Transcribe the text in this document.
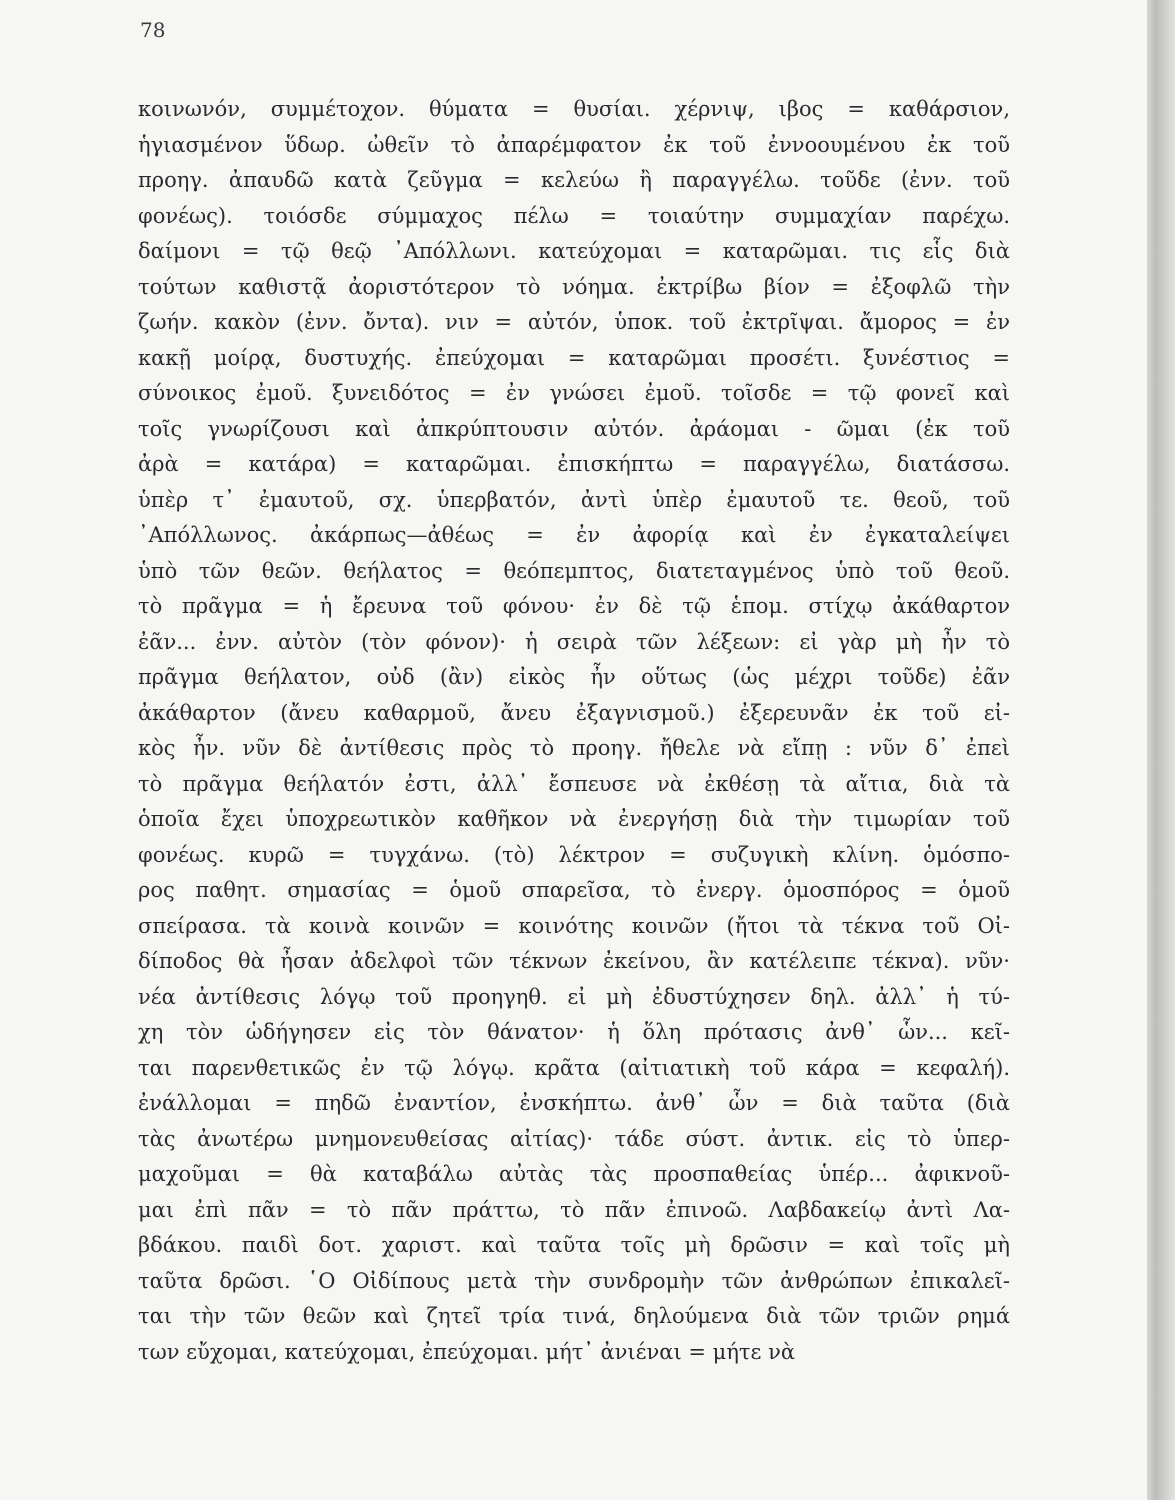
78
κοινωνόν, συμμέτοχον. θύματα = θυσίαι. χέρνιψ, ιβος = καθάρσιον,
ἡγιασμένον ὕδωρ. ὠθεῖν τὸ ἀπαρέμφατον ἐκ τοῦ ἐννοουμένου ἐκ τοῦ
προηγ. ἀπαυδῶ κατὰ ζεῦγμα = κελεύω ἢ παραγγέλω. τοῦδε (ἐνν. τοῦ
φονέως). τοιόσδε σύμμαχος πέλω = τοιαύτην συμμαχίαν παρέχω.
δαίμονι = τῷ θεῷ ᾿Απόλλωνι. κατεύχομαι = καταρῶμαι. τις εἷς διὰ
τούτων καθιστᾷ ἀοριστότερον τὸ νόημα. ἐκτρίβω βίον = ἐξοφλῶ τὴν
ζωήν. κακὸν (ἐνν. ὄντα). νιν = αὐτόν, ὑποκ. τοῦ ἐκτρῖψαι. ἄμορος = ἐν
κακῇ μοίρᾳ, δυστυχής. ἐπεύχομαι = καταρῶμαι προσέτι. ξυνέστιος =
σύνοικος ἐμοῦ. ξυνειδότος = ἐν γνώσει ἐμοῦ. τοῖσδε = τῷ φονεῖ καὶ
τοῖς γνωρίζουσι καὶ ἀπκρύπτουσιν αὐτόν. ἀράομαι - ῶμαι (ἐκ τοῦ
ἀρὰ = κατάρα) = καταρῶμαι. ἐπισκήπτω = παραγγέλω, διατάσσω.
ὑπὲρ τ᾿ ἐμαυτοῦ, σχ. ὑπερβατόν, ἀντὶ ὑπὲρ ἐμαυτοῦ τε. θεοῦ, τοῦ
᾿Απόλλωνος. ἀκάρπως—ἀθέως = ἐν ἀφορίᾳ καὶ ἐν ἐγκαταλείψει
ὑπὸ τῶν θεῶν. θεήλατος = θεόπεμπτος, διατεταγμένος ὑπὸ τοῦ θεοῦ.
τὸ πρᾶγμα = ἡ ἔρευνα τοῦ φόνου· ἐν δὲ τῷ ἑπομ. στίχῳ ἀκάθαρτον
ἐᾶν... ἐνν. αὐτὸν (τὸν φόνον)· ἡ σειρὰ τῶν λέξεων: εἰ γὰρ μὴ ἦν τὸ
πρᾶγμα θεήλατον, οὐδ (ἂν) εἰκὸς ἦν οὕτως (ὡς μέχρι τοῦδε) ἐᾶν
ἀκάθαρτον (ἄνευ καθαρμοῦ, ἄνευ ἐξαγνισμοῦ.) ἐξερευνᾶν ἐκ τοῦ εἰ-
κὸς ἦν. νῦν δὲ ἀντίθεσις πρὸς τὸ προηγ. ἤθελε νὰ εἴπῃ : νῦν δ᾿ ἐπεὶ
τὸ πρᾶγμα θεήλατόν ἐστι, ἀλλ᾿ ἔσπευσε νὰ ἐκθέσῃ τὰ αἴτια, διὰ τὰ
ὁποῖα ἔχει ὑποχρεωτικὸν καθῆκον νὰ ἐνεργήσῃ διὰ τὴν τιμωρίαν τοῦ
φονέως. κυρῶ = τυγχάνω. (τὸ) λέκτρον = συζυγικὴ κλίνη. ὁμόσπο-
ρος παθητ. σημασίας = ὁμοῦ σπαρεῖσα, τὸ ἐνεργ. ὁμοσπόρος = ὁμοῦ
σπείρασα. τὰ κοινὰ κοινῶν = κοινότης κοινῶν (ἤτοι τὰ τέκνα τοῦ Οἰ-
δίποδος θὰ ἦσαν ἀδελφοὶ τῶν τέκνων ἐκείνου, ἂν κατέλειπε τέκνα). νῦν·
νέα ἀντίθεσις λόγῳ τοῦ προηγηθ. εἰ μὴ ἐδυστύχησεν δηλ. ἀλλ᾿ ἡ τύ-
χη τὸν ὡδήγησεν εἰς τὸν θάνατον· ἡ ὅλη πρότασις ἀνθ᾿ ὧν... κεῖ-
ται παρενθετικῶς ἐν τῷ λόγῳ. κρᾶτα (αἰτιατικὴ τοῦ κάρα = κεφαλή).
ἐνάλλομαι = πηδῶ ἐναντίον, ἐνσκήπτω. ἀνθ᾿ ὧν = διὰ ταῦτα (διὰ
τὰς ἀνωτέρω μνημονευθείσας αἰτίας)· τάδε σύστ. ἀντικ. εἰς τὸ ὑπερ-
μαχοῦμαι = θὰ καταβάλω αὐτὰς τὰς προσπαθείας ὑπέρ... ἀφικνοῦ-
μαι ἐπὶ πᾶν = τὸ πᾶν πράττω, τὸ πᾶν ἐπινοῶ. Λαβδακείῳ ἀντὶ Λα-
βδάκου. παιδὶ δοτ. χαριστ. καὶ ταῦτα τοῖς μὴ δρῶσιν = καὶ τοῖς μὴ
ταῦτα δρῶσι. ῾Ο Οἰδίπους μετὰ τὴν συνδρομὴν τῶν ἀνθρώπων ἐπικαλεῖ-
ται τὴν τῶν θεῶν καὶ ζητεῖ τρία τινά, δηλούμενα διὰ τῶν τριῶν ρημά
των εὔχομαι, κατεύχομαι, ἐπεύχομαι. μήτ᾿ ἀνιέναι = μήτε νὰ
